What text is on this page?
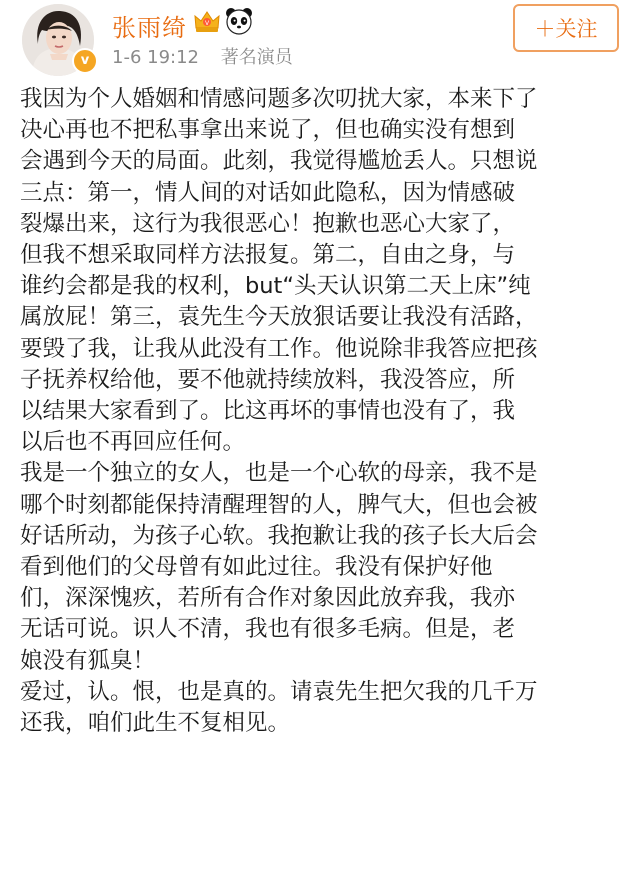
v
张雨绮	V
1-6 19:12 著名演员
＋关注

我因为个人婚姻和情感问题多次叨扰大家，本来下了
决心再也不把私事拿出来说了，但也确实没有想到
会遇到今天的局面。此刻，我觉得尴尬丢人。只想说
三点：第一，情人间的对话如此隐私，因为情感破
裂爆出来，这行为我很恶心！抱歉也恶心大家了，
但我不想采取同样方法报复。第二，自由之身，与
谁约会都是我的权利，but“头天认识第二天上床”纯
属放屁！第三，袁先生今天放狠话要让我没有活路，
要毁了我，让我从此没有工作。他说除非我答应把孩
子抚养权给他，要不他就持续放料，我没答应，所
以结果大家看到了。比这再坏的事情也没有了，我
以后也不再回应任何。

我是一个独立的女人，也是一个心软的母亲，我不是
哪个时刻都能保持清醒理智的人，脾气大，但也会被
好话所动，为孩子心软。我抱歉让我的孩子长大后会
看到他们的父母曾有如此过往。我没有保护好他
们，深深愧疚，若所有合作对象因此放弃我，我亦
无话可说。识人不清，我也有很多毛病。但是，老
娘没有狐臭！

爱过，认。恨，也是真的。请袁先生把欠我的几千万
还我，咱们此生不复相见。
